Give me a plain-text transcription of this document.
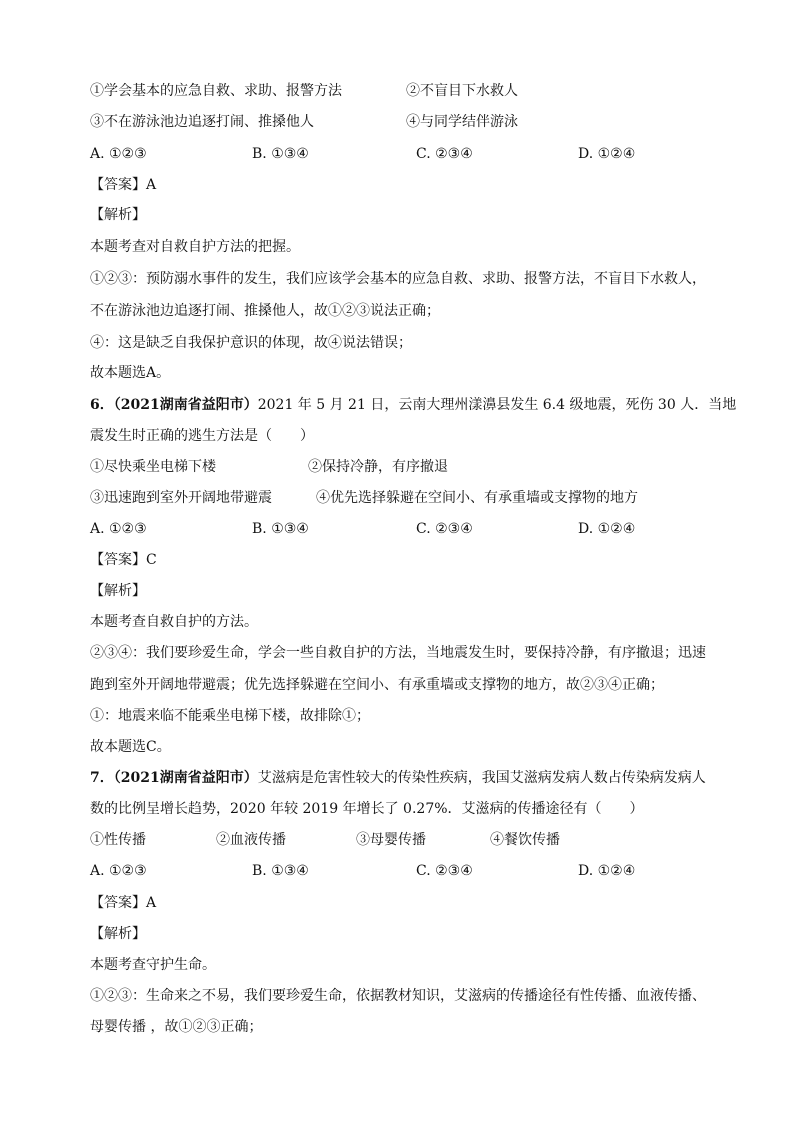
①学会基本的应急自救、求助、报警方法	②不盲目下水救人
③不在游泳池边追逐打闹、推搡他人	④与同学结伴游泳
A. ①②③	B. ①③④	C. ②③④	D. ①②④
【答案】A
【解析】
本题考查对自救自护方法的把握。
①②③：预防溺水事件的发生，我们应该学会基本的应急自救、求助、报警方法，不盲目下水救人，
不在游泳池边追逐打闹、推搡他人，故①②③说法正确；
④：这是缺乏自我保护意识的体现，故④说法错误；
故本题选A。
6．（2021湖南省益阳市）2021 年 5 月 21 日，云南大理州漾濞县发生 6.4 级地震，死伤 30 人．当地
震发生时正确的逃生方法是（　　）
①尽快乘坐电梯下楼	②保持冷静，有序撤退
③迅速跑到室外开阔地带避震	④优先选择躲避在空间小、有承重墙或支撑物的地方
A. ①②③	B. ①③④	C. ②③④	D. ①②④
【答案】C
【解析】
本题考查自救自护的方法。
②③④：我们要珍爱生命，学会一些自救自护的方法，当地震发生时，要保持冷静，有序撤退；迅速
跑到室外开阔地带避震；优先选择躲避在空间小、有承重墙或支撑物的地方，故②③④正确；
①：地震来临不能乘坐电梯下楼，故排除①；
故本题选C。
7．（2021湖南省益阳市）艾滋病是危害性较大的传染性疾病，我国艾滋病发病人数占传染病发病人
数的比例呈增长趋势，2020 年较 2019 年增长了 0.27%．艾滋病的传播途径有（　　）
①性传播	②血液传播	③母婴传播	④餐饮传播
A. ①②③	B. ①③④	C. ②③④	D. ①②④
【答案】A
【解析】
本题考查守护生命。
①②③：生命来之不易，我们要珍爱生命，依据教材知识，艾滋病的传播途径有性传播、血液传播、
母婴传播 ，故①②③正确；
